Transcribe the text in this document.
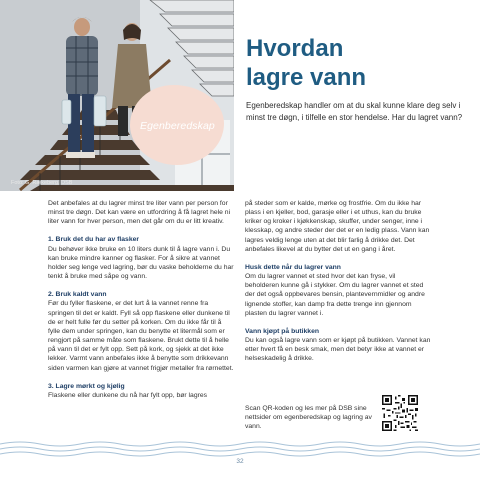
Foto: G. Rækeberg, DSB
Egenberedskap
Hvordan
lagre vann

Egenberedskap handler om at du skal kunne klare deg selv i minst tre døgn, i tilfelle en stor hendelse. Har du lagret vann?

Det anbefales at du lagrer minst tre liter vann per person for minst tre døgn. Det kan være en utfordring å få lagret hele ni liter vann for hver person, men det går om du er litt kreativ.

1. Bruk det du har av flasker

Du behøver ikke bruke en 10 liters dunk til å lagre vann i. Du kan bruke mindre kanner og flasker. For å sikre at vannet holder seg lenge ved lagring, bør du vaske beholderne du har tenkt å bruke med såpe og vann.

2. Bruk kaldt vann

Før du fyller flaskene, er det lurt å la vannet renne fra springen til det er kaldt. Fyll så opp flaskene eller dunkene til de er helt fulle før du setter på korken. Om du ikke får til å fylle dem under springen, kan du benytte et litermål som er rengjort på samme måte som flaskene. Brukt dette til å helle på vann til det er fylt opp. Sett på kork, og sjekk at det ikke lekker. Varmt vann anbefales ikke å benytte som drikkevann siden varmen kan gjøre at vannet frigjør metaller fra rørnettet.

3. Lagre mørkt og kjølig

Flaskene eller dunkene du nå har fylt opp, bør lagres

på steder som er kalde, mørke og frostfrie. Om du ikke har plass i en kjeller, bod, garasje eller i et uthus, kan du bruke kriker og kroker i kjøkkenskap, skuffer, under senger, inne i klesskap, og andre steder der det er en ledig plass. Vann kan lagres veldig lenge uten at det blir farlig å drikke det. Det anbefales likevel at du bytter det ut en gang i året.

Husk dette når du lagrer vann

Om du lagrer vannet et sted hvor det kan fryse, vil beholderen kunne gå i stykker. Om du lagrer vannet et sted der det også oppbevares bensin, plantevernmidler og andre lignende stoffer, kan damp fra dette trenge inn gjennom plasten du lagrer vannet i.

Vann kjøpt på butikken

Du kan også lagre vann som er kjøpt på butikken. Vannet kan etter hvert få en besk smak, men det betyr ikke at vannet er helseskadelig å drikke.

Scan QR-koden og les mer på DSB sine nettsider om egenberedskap og lagring av vann.

32
